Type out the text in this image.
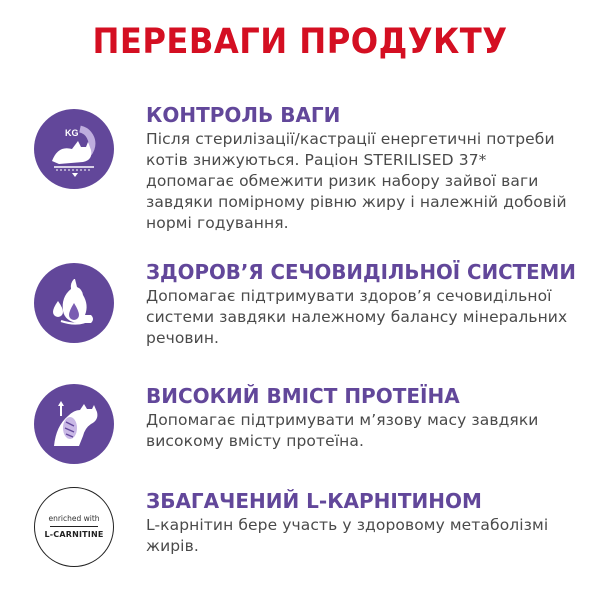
ПЕРЕВАГИ ПРОДУКТУ
KG
КОНТРОЛЬ ВАГИ
Після стерилізації/кастрації енергетичні потреби котів знижуються. Раціон STERILISED 37* допомагає обмежити ризик набору зайвої ваги завдяки помірному рівню жиру і належній добовій нормі годування.
ЗДОРОВ’Я СЕЧОВИДІЛЬНОЇ СИСТЕМИ
Допомагає підтримувати здоров’я сечовидільної системи завдяки належному балансу мінеральних речовин.
ВИСОКИЙ ВМІСТ ПРОТЕЇНА
Допомагає підтримувати м’язову масу завдяки високому вмісту протеїна.
enriched with
L-CARNITINE
ЗБАГАЧЕНИЙ L-КАРНІТИНОМ
L-карнітин бере участь у здоровому метаболізмі жирів.
